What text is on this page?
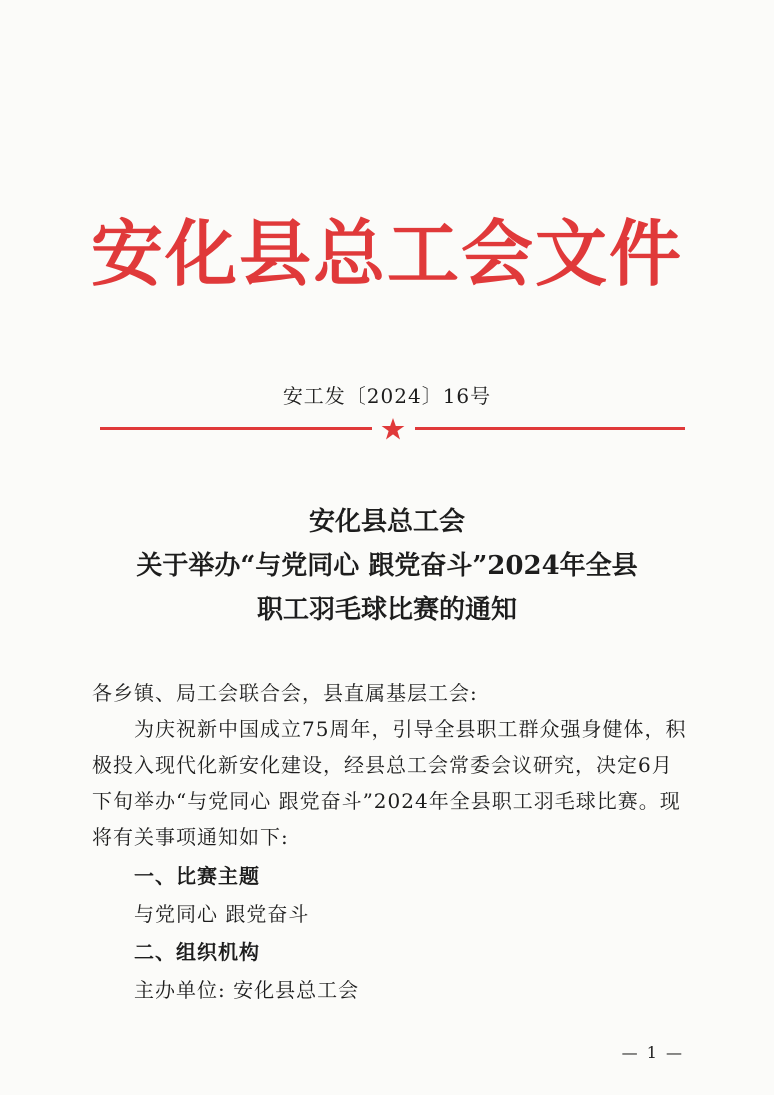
安化县总工会文件
安工发〔2024〕16号
安化县总工会
关于举办“与党同心 跟党奋斗”2024年全县
职工羽毛球比赛的通知
各乡镇、局工会联合会，县直属基层工会:
为庆祝新中国成立75周年，引导全县职工群众强身健体，积极投入现代化新安化建设，经县总工会常委会议研究，决定6月下旬举办“与党同心 跟党奋斗”2024年全县职工羽毛球比赛。现将有关事项通知如下:
一、比赛主题
与党同心 跟党奋斗
二、组织机构
主办单位: 安化县总工会
— 1 —
